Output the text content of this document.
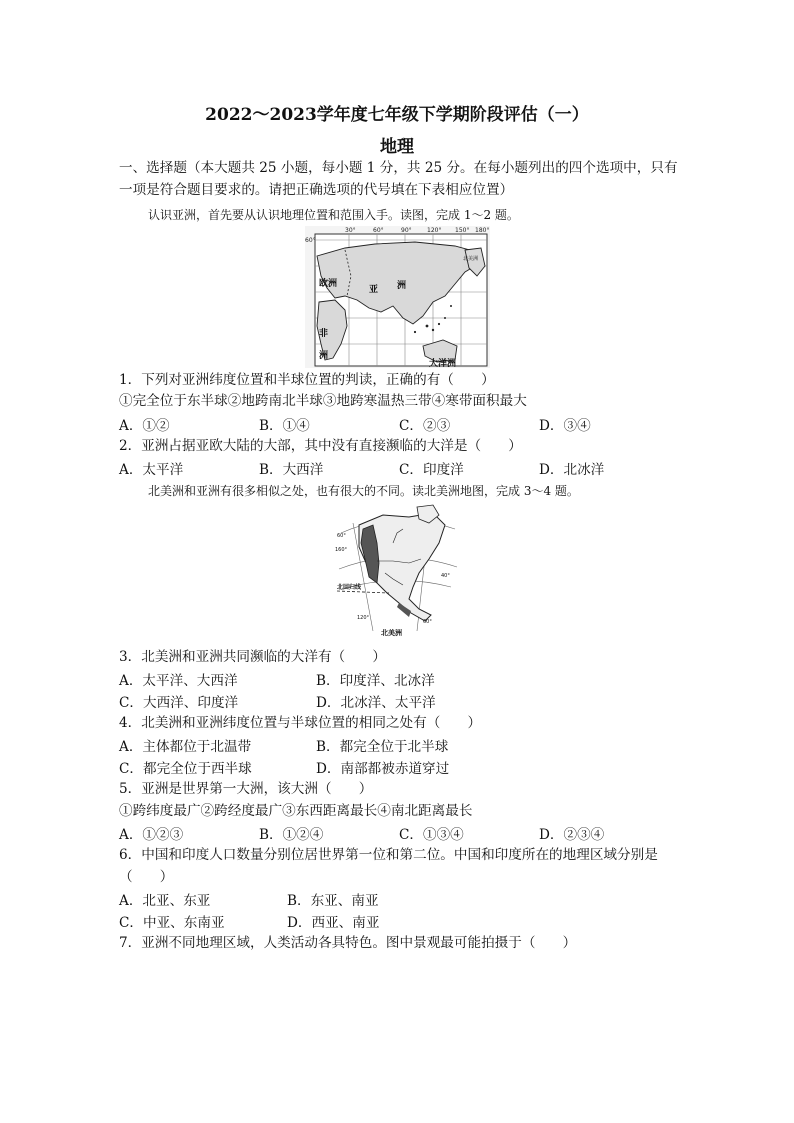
2022～2023学年度七年级下学期阶段评估（一）
地理
一、选择题（本大题共 25 小题，每小题 1 分，共 25 分。在每小题列出的四个选项中，只有
一项是符合题目要求的。请把正确选项的代号填在下表相应位置）
认识亚洲，首先要从认识地理位置和范围入手。读图，完成 1～2 题。
30°	60°	90°	120° 150° 180°
60°
欧洲
亚 洲
非
洲
大洋洲
北美洲
1．下列对亚洲纬度位置和半球位置的判读，正确的有（　　）
①完全位于东半球②地跨南北半球③地跨寒温热三带④寒带面积最大
A．①②	B．①④	C．②③	D．③④
2．亚洲占据亚欧大陆的大部，其中没有直接濒临的大洋是（　　）
A．太平洋	B．大西洋	C．印度洋	D．北冰洋
北美洲和亚洲有很多相似之处，也有很大的不同。读北美洲地图，完成 3～4 题。
60°
160°
120°
60°
40°
北回归线
北美洲
3．北美洲和亚洲共同濒临的大洋有（　　）
A．太平洋、大西洋	B．印度洋、北冰洋
C．大西洋、印度洋	D．北冰洋、太平洋
4．北美洲和亚洲纬度位置与半球位置的相同之处有（　　）
A．主体都位于北温带	B．都完全位于北半球
C．都完全位于西半球	D．南部都被赤道穿过
5．亚洲是世界第一大洲，该大洲（　　）
①跨纬度最广②跨经度最广③东西距离最长④南北距离最长
A．①②③	B．①②④	C．①③④	D．②③④
6．中国和印度人口数量分别位居世界第一位和第二位。中国和印度所在的地理区域分别是
（　　）
A．北亚、东亚	B．东亚、南亚
C．中亚、东南亚	D．西亚、南亚
7．亚洲不同地理区域，人类活动各具特色。图中景观最可能拍摄于（　　）
